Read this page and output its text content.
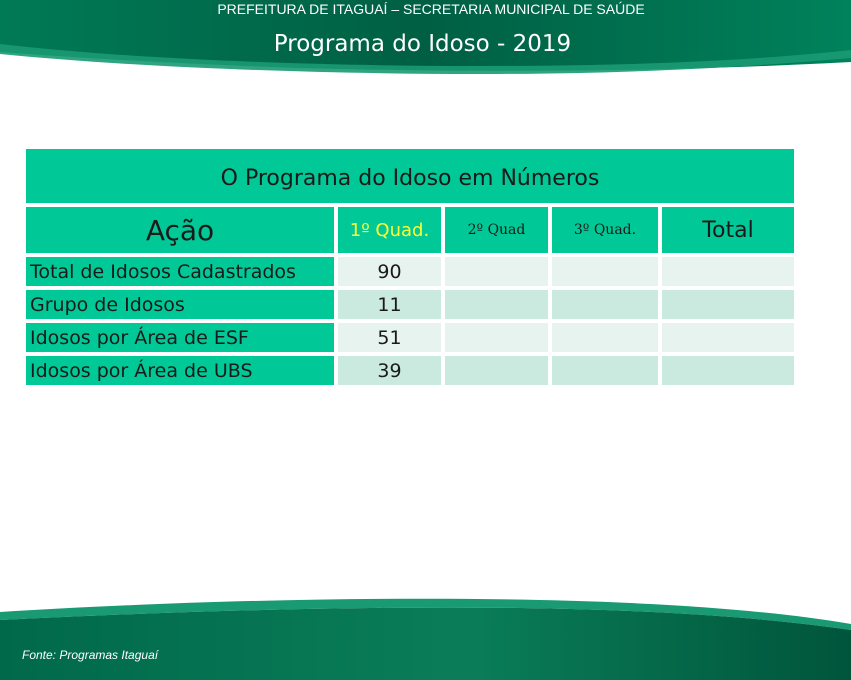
PREFEITURA DE ITAGUAÍ – SECRETARIA MUNICIPAL DE SAÚDE
Programa do Idoso - 2019
O Programa do Idoso em Números				
Ação	1º Quad.	2º Quad	3º Quad.	Total
Total de Idosos Cadastrados	90			
Grupo de Idosos	11			
Idosos por Área de ESF	51			
Idosos por Área de UBS	39			
Fonte: Programas Itaguaí
